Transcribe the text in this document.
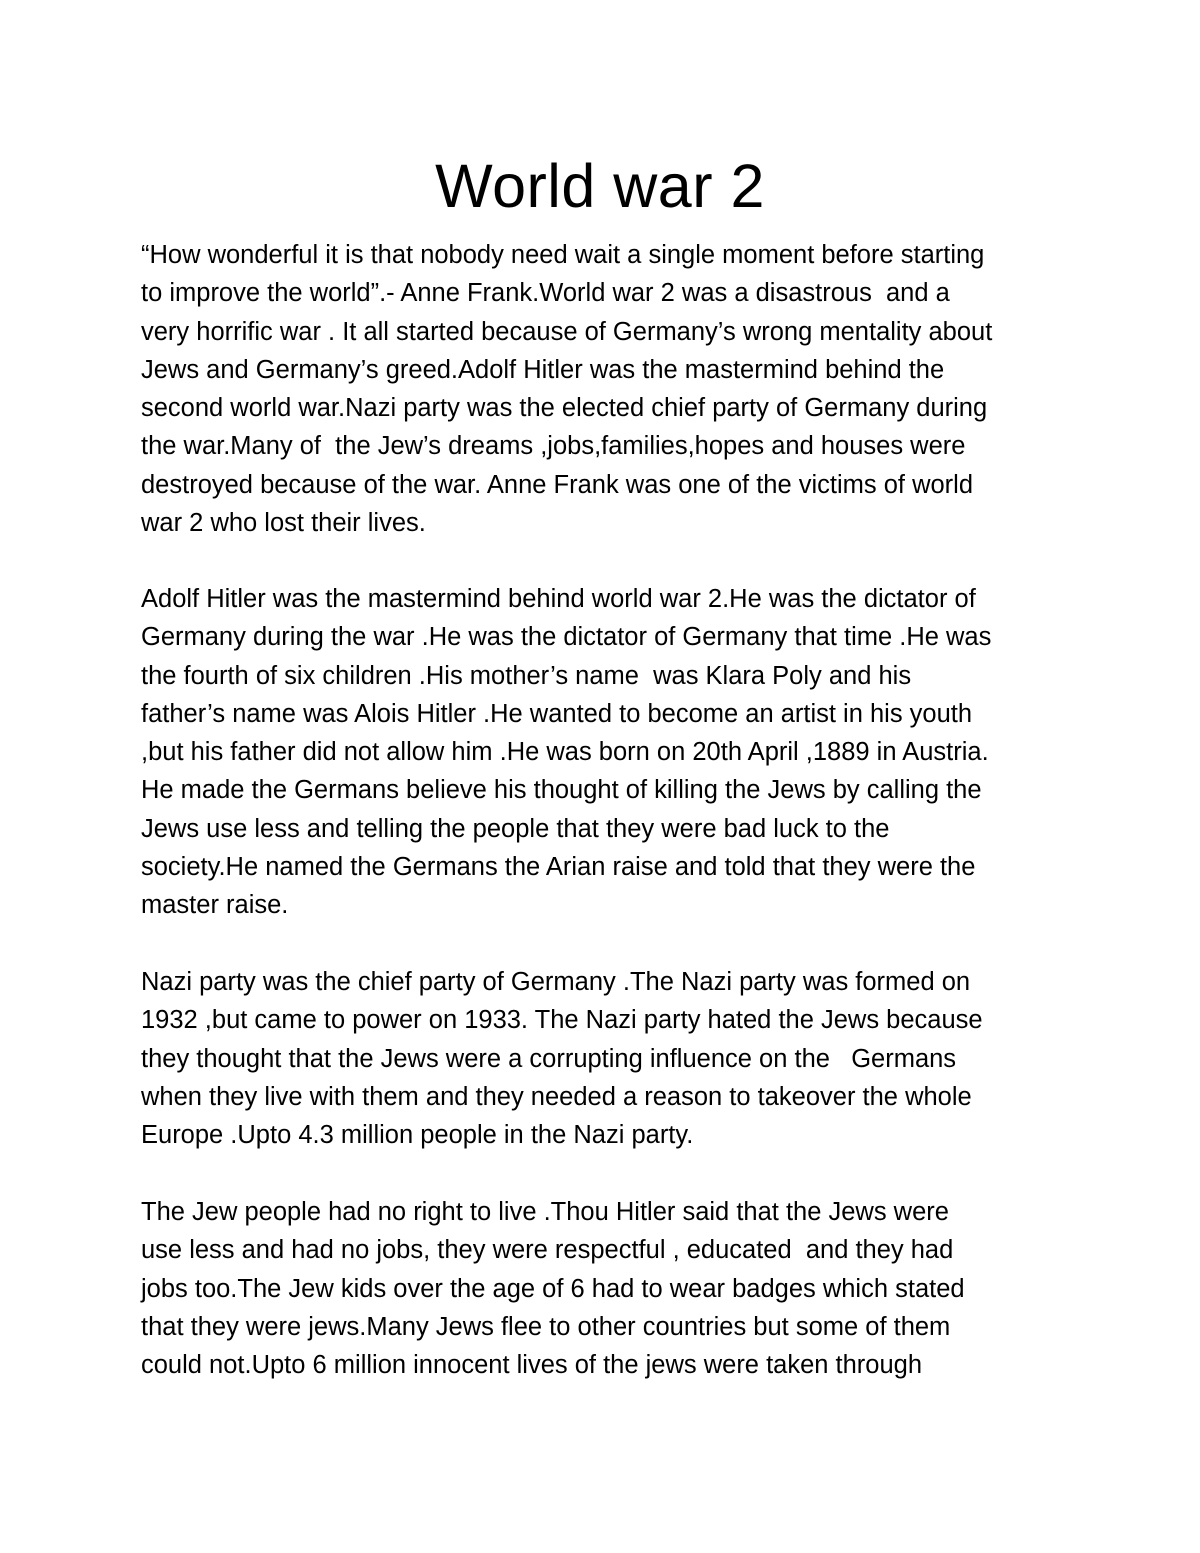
World war 2
“How wonderful it is that nobody need wait a single moment before starting
to improve the world”.- Anne Frank.World war 2 was a disastrous  and a
very horrific war . It all started because of Germany’s wrong mentality about
Jews and Germany’s greed.Adolf Hitler was the mastermind behind the
second world war.Nazi party was the elected chief party of Germany during
the war.Many of  the Jew’s dreams ,jobs,families,hopes and houses were
destroyed because of the war. Anne Frank was one of the victims of world
war 2 who lost their lives.
Adolf Hitler was the mastermind behind world war 2.He was the dictator of
Germany during the war .He was the dictator of Germany that time .He was
the fourth of six children .His mother’s name  was Klara Poly and his
father’s name was Alois Hitler .He wanted to become an artist in his youth
,but his father did not allow him .He was born on 20th April ,1889 in Austria.
He made the Germans believe his thought of killing the Jews by calling the
Jews use less and telling the people that they were bad luck to the
society.He named the Germans the Arian raise and told that they were the
master raise.
Nazi party was the chief party of Germany .The Nazi party was formed on
1932 ,but came to power on 1933. The Nazi party hated the Jews because
they thought that the Jews were a corrupting influence on the   Germans
when they live with them and they needed a reason to takeover the whole
Europe .Upto 4.3 million people in the Nazi party.
The Jew people had no right to live .Thou Hitler said that the Jews were
use less and had no jobs, they were respectful , educated  and they had
jobs too.The Jew kids over the age of 6 had to wear badges which stated
that they were jews.Many Jews flee to other countries but some of them
could not.Upto 6 million innocent lives of the jews were taken through
